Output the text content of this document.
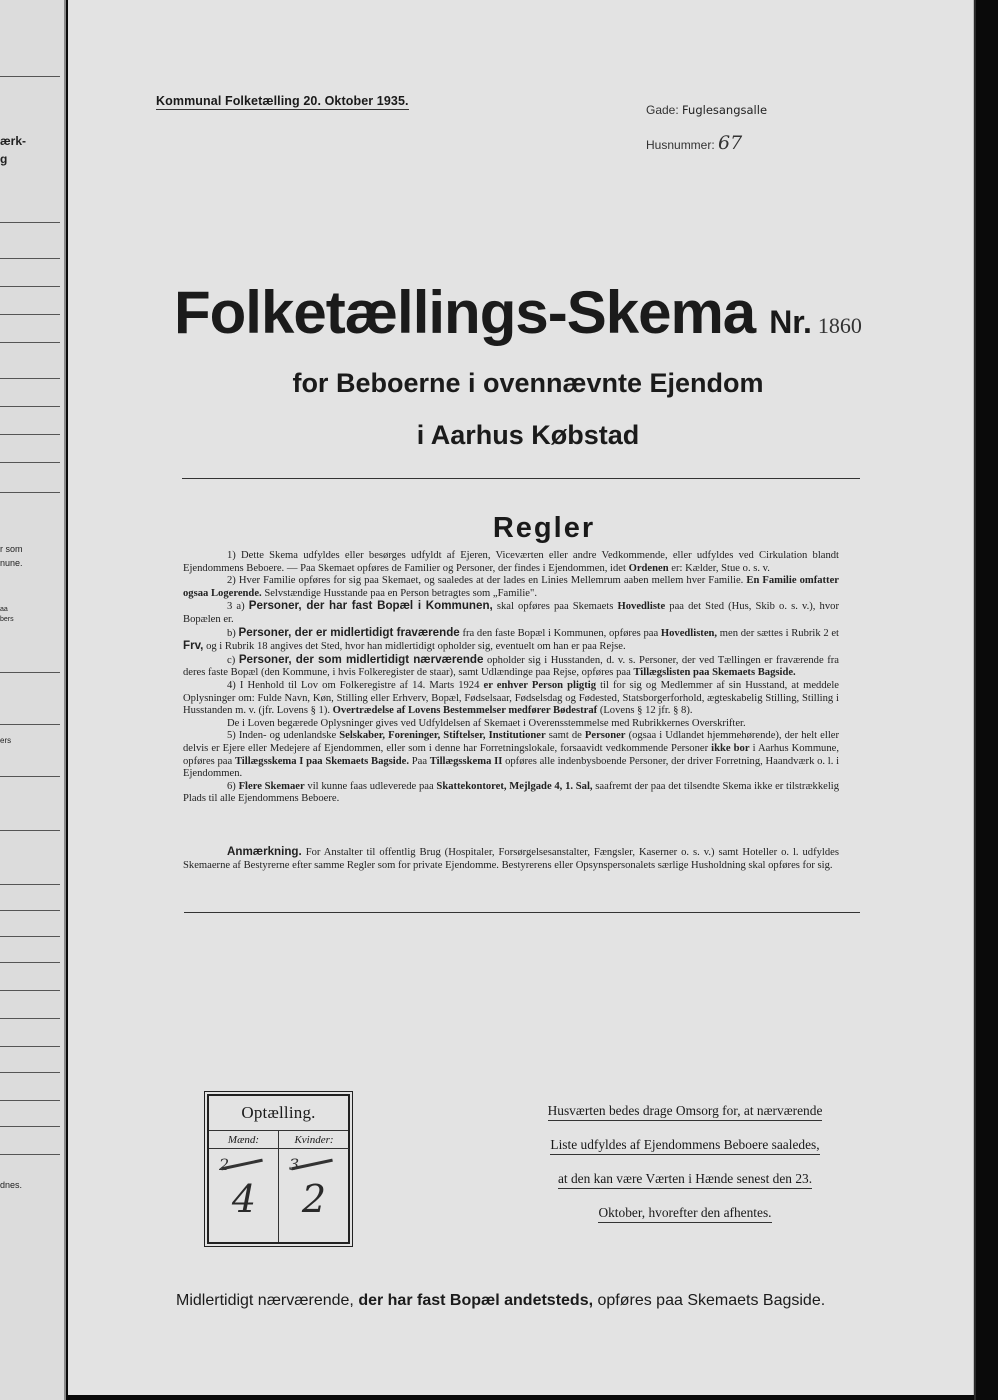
ærk-
g
r som
nune.
aa
bers
ers
dnes.
Kommunal Folketælling 20. Oktober 1935.
Gade: Fuglesangsalle
Husnummer: 67
Folketællings-Skema Nr. 1860
for Beboerne i ovennævnte Ejendom
i Aarhus Købstad
Regler

1) Dette Skema udfyldes eller besørges udfyldt af Ejeren, Viceværten eller andre Vedkommende, eller udfyldes ved Cirkulation blandt Ejendommens Beboere. — Paa Skemaet opføres de Familier og Personer, der findes i Ejendommen, idet Ordenen er: Kælder, Stue o. s. v.

2) Hver Familie opføres for sig paa Skemaet, og saaledes at der lades en Linies Mellemrum aaben mellem hver Familie. En Familie omfatter ogsaa Logerende. Selvstændige Husstande paa en Person betragtes som „Familie".

3 a) Personer, der har fast Bopæl i Kommunen, skal opføres paa Skemaets Hovedliste paa det Sted (Hus, Skib o. s. v.), hvor Bopælen er.

b) Personer, der er midlertidigt fraværende fra den faste Bopæl i Kommunen, opføres paa Hovedlisten, men der sættes i Rubrik 2 et Frv, og i Rubrik 18 angives det Sted, hvor han midlertidigt opholder sig, eventuelt om han er paa Rejse.

c) Personer, der som midlertidigt nærværende opholder sig i Husstanden, d. v. s. Personer, der ved Tællingen er fraværende fra deres faste Bopæl (den Kommune, i hvis Folkeregister de staar), samt Udlændinge paa Rejse, opføres paa Tillægslisten paa Skemaets Bagside.

4) I Henhold til Lov om Folkeregistre af 14. Marts 1924 er enhver Person pligtig til for sig og Medlemmer af sin Husstand, at meddele Oplysninger om: Fulde Navn, Køn, Stilling eller Erhverv, Bopæl, Fødselsaar, Fødselsdag og Fødested, Statsborgerforhold, ægteskabelig Stilling, Stilling i Husstanden m. v. (jfr. Lovens § 1). Overtrædelse af Lovens Bestemmelser medfører Bødestraf (Lovens § 12 jfr. § 8).

De i Loven begærede Oplysninger gives ved Udfyldelsen af Skemaet i Overensstemmelse med Rubrikkernes Overskrifter.

5) Inden- og udenlandske Selskaber, Foreninger, Stiftelser, Institutioner samt de Personer (ogsaa i Udlandet hjemmehørende), der helt eller delvis er Ejere eller Medejere af Ejendommen, eller som i denne har Forretningslokale, forsaavidt vedkommende Personer ikke bor i Aarhus Kommune, opføres paa Tillægsskema I paa Skemaets Bagside. Paa Tillægsskema II opføres alle indenbysboende Personer, der driver Forretning, Haandværk o. l. i Ejendommen.

6) Flere Skemaer vil kunne faas udleverede paa Skattekontoret, Mejlgade 4, 1. Sal, saafremt der paa det tilsendte Skema ikke er tilstrækkelig Plads til alle Ejendommens Beboere.

Anmærkning. For Anstalter til offentlig Brug (Hospitaler, Forsørgelsesanstalter, Fængsler, Kaserner o. s. v.) samt Hoteller o. l. udfyldes Skemaerne af Bestyrerne efter samme Regler som for private Ejendomme. Bestyrerens eller Opsynspersonalets særlige Husholdning skal opføres for sig.

Optælling.
Mænd:
2
4
Kvinder:
3
2
Husværten bedes drage Omsorg for, at nærværende
Liste udfyldes af Ejendommens Beboere saaledes,
at den kan være Værten i Hænde senest den 23.
Oktober, hvorefter den afhentes.
Midlertidigt nærværende, der har fast Bopæl andetsteds, opføres paa Skemaets Bagside.
